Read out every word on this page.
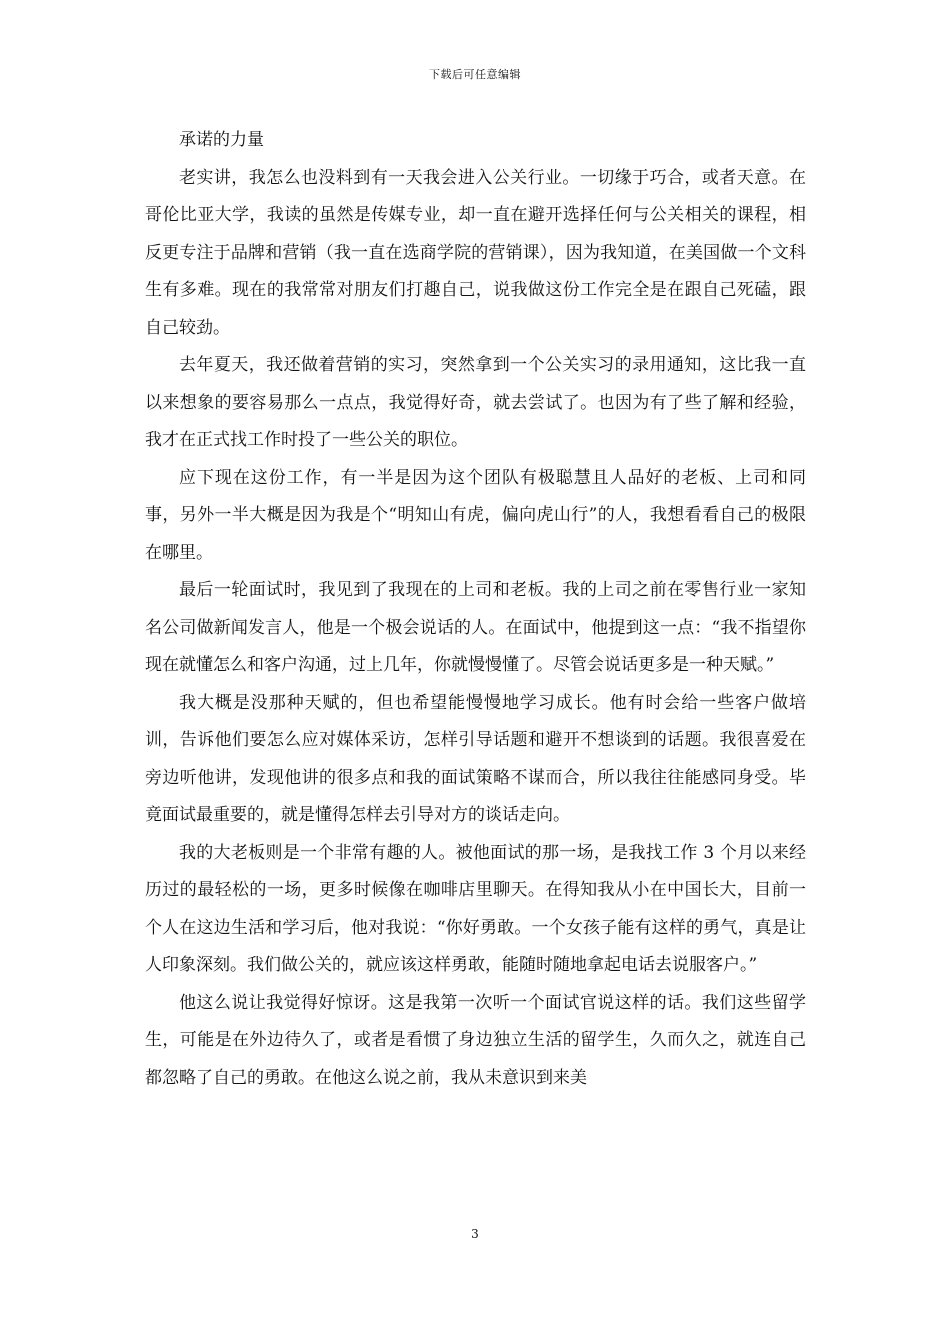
下载后可任意编辑

承诺的力量

老实讲，我怎么也没料到有一天我会进入公关行业。一切缘于巧合，或者天意。在哥伦比亚大学，我读的虽然是传媒专业，却一直在避开选择任何与公关相关的课程，相反更专注于品牌和营销（我一直在选商学院的营销课），因为我知道，在美国做一个文科生有多难。现在的我常常对朋友们打趣自己，说我做这份工作完全是在跟自己死磕，跟自己较劲。

去年夏天，我还做着营销的实习，突然拿到一个公关实习的录用通知，这比我一直以来想象的要容易那么一点点，我觉得好奇，就去尝试了。也因为有了些了解和经验，我才在正式找工作时投了一些公关的职位。

应下现在这份工作，有一半是因为这个团队有极聪慧且人品好的老板、上司和同事，另外一半大概是因为我是个“明知山有虎，偏向虎山行”的人，我想看看自己的极限在哪里。

最后一轮面试时，我见到了我现在的上司和老板。我的上司之前在零售行业一家知名公司做新闻发言人，他是一个极会说话的人。在面试中，他提到这一点：“我不指望你现在就懂怎么和客户沟通，过上几年，你就慢慢懂了。尽管会说话更多是一种天赋。”

我大概是没那种天赋的，但也希望能慢慢地学习成长。他有时会给一些客户做培训，告诉他们要怎么应对媒体采访，怎样引导话题和避开不想谈到的话题。我很喜爱在旁边听他讲，发现他讲的很多点和我的面试策略不谋而合，所以我往往能感同身受。毕竟面试最重要的，就是懂得怎样去引导对方的谈话走向。

我的大老板则是一个非常有趣的人。被他面试的那一场，是我找工作 3 个月以来经历过的最轻松的一场，更多时候像在咖啡店里聊天。在得知我从小在中国长大，目前一个人在这边生活和学习后，他对我说：“你好勇敢。一个女孩子能有这样的勇气，真是让人印象深刻。我们做公关的，就应该这样勇敢，能随时随地拿起电话去说服客户。”

他这么说让我觉得好惊讶。这是我第一次听一个面试官说这样的话。我们这些留学生，可能是在外边待久了，或者是看惯了身边独立生活的留学生，久而久之，就连自己都忽略了自己的勇敢。在他这么说之前，我从未意识到来美

3
